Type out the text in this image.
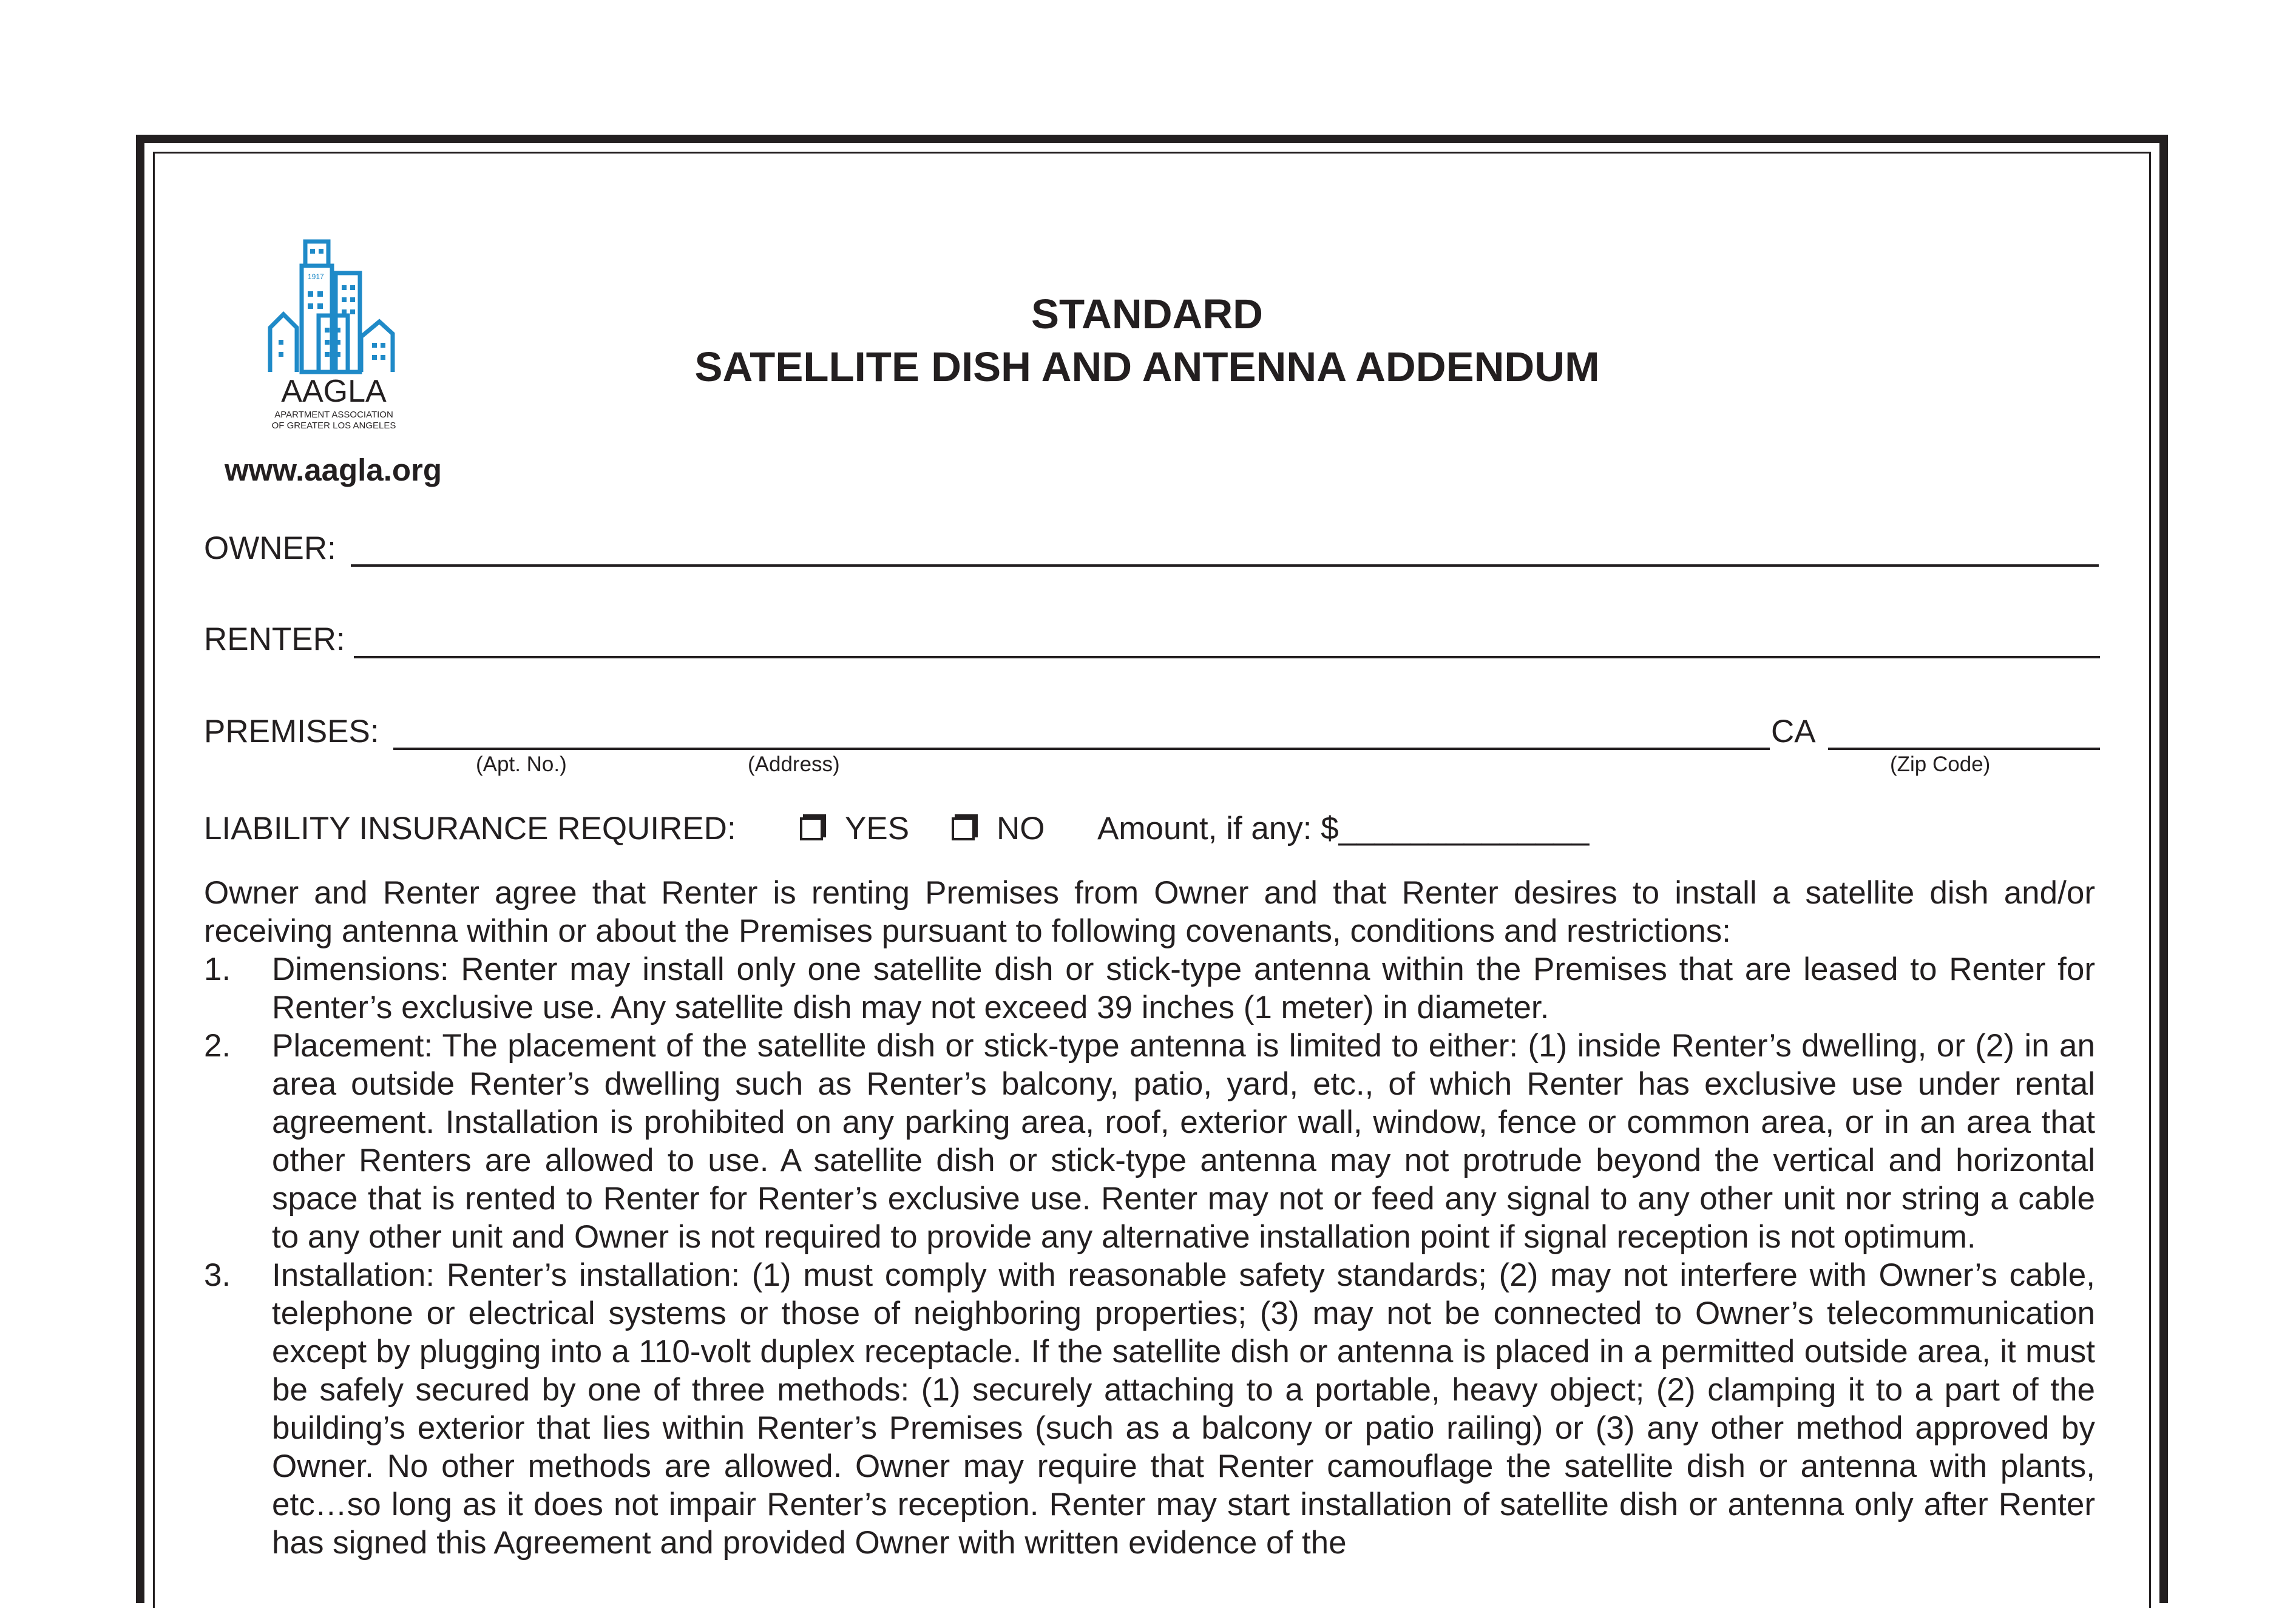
1917
AAGLA
APARTMENT ASSOCIATION
OF GREATER LOS ANGELES
www.aagla.org
STANDARD
SATELLITE DISH AND ANTENNA ADDENDUM
OWNER:
RENTER:
PREMISES:	CA
(Apt. No.)	(Address)	(Zip Code)
LIABILITY INSURANCE REQUIRED:	YES	NO Amount, if any: $______________

Owner and Renter agree that Renter is renting Premises from Owner and that Renter desires to install a satellite dish and/or receiving antenna within or about the Premises pursuant to following covenants, conditions and restrictions:

1.	Dimensions: Renter may install only one satellite dish or stick-type antenna within the Premises that are leased to Renter for Renter’s exclusive use. Any satellite dish may not exceed 39 inches (1 meter) in diameter.
2.	Placement: The placement of the satellite dish or stick-type antenna is limited to either: (1) inside Renter’s dwelling, or (2) in an area outside Renter’s dwelling such as Renter’s balcony, patio, yard, etc., of which Renter has exclusive use under rental agreement. Installation is prohibited on any parking area, roof, exterior wall, window, fence or common area, or in an area that other Renters are allowed to use. A satellite dish or stick-type antenna may not protrude beyond the vertical and horizontal space that is rented to Renter for Renter’s exclusive use. Renter may not or feed any signal to any other unit nor string a cable to any other unit and Owner is not required to provide any alternative installation point if signal reception is not optimum.
3.	Installation: Renter’s installation: (1) must comply with reasonable safety standards; (2) may not interfere with Owner’s cable, telephone or electrical systems or those of neighboring properties; (3) may not be connected to Owner’s telecommunication except by plugging into a 110-volt duplex receptacle. If the satellite dish or antenna is placed in a permitted outside area, it must be safely secured by one of three methods: (1) securely attaching to a portable, heavy object; (2) clamping it to a part of the building’s exterior that lies within Renter’s Premises (such as a balcony or patio railing) or (3) any other method approved by Owner. No other methods are allowed. Owner may require that Renter camouflage the satellite dish or antenna with plants, etc…so long as it does not impair Renter’s reception. Renter may start installation of satellite dish or antenna only after Renter has signed this Agreement and provided Owner with written evidence of the
